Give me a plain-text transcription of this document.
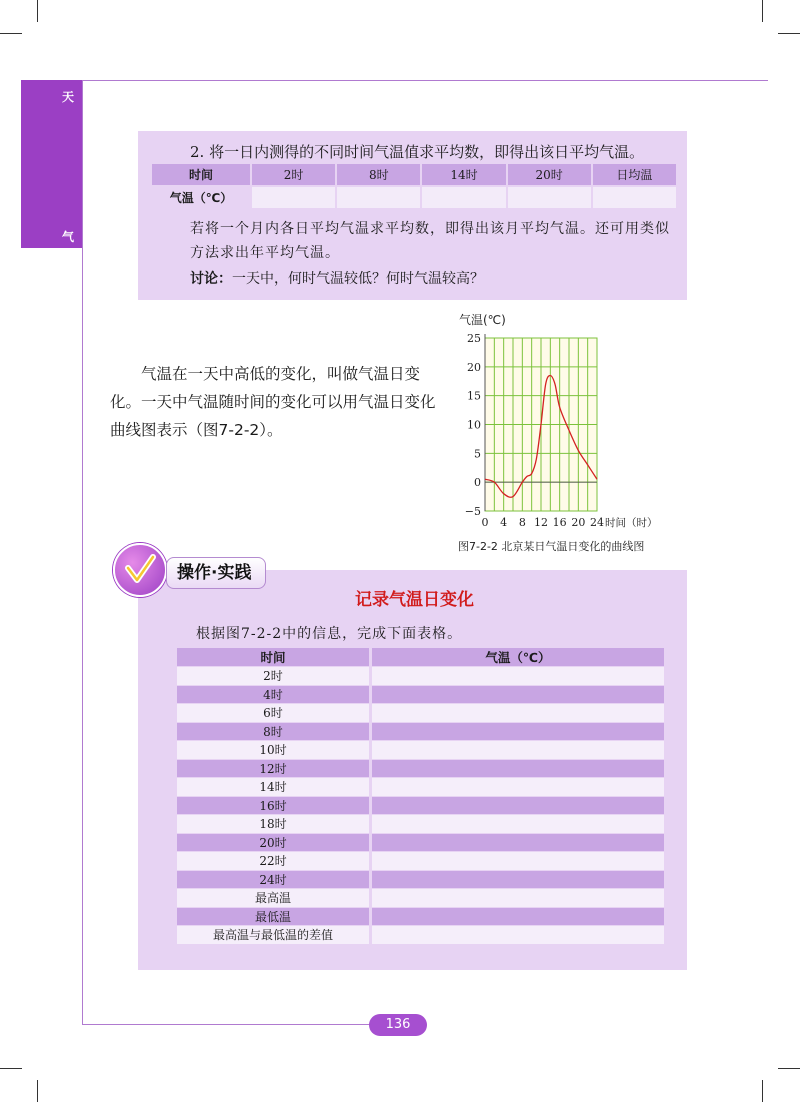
天
气
2. 将一日内测得的不同时间气温值求平均数，即得出该日平均气温。
时间	2时	8时	14时	20时	日均温
气温（℃）					
若将一个月内各日平均气温求平均数，即得出该月平均气温。还可用类似方法求出年平均气温。
讨论：一天中，何时气温较低？何时气温较高？
气温在一天中高低的变化，叫做气温日变化。一天中气温随时间的变化可以用气温日变化曲线图表示（图7-2-2）。
−5
0
5
10
15
20
25
0 4 8 12 16 20 24
气温(℃)
时间（时）
图7-2-2 北京某日气温日变化的曲线图
操作·实践
记录气温日变化
根据图7-2-2中的信息，完成下面表格。
时间	气温（℃）
2时	
4时	
6时	
8时	
10时	
12时	
14时	
16时	
18时	
20时	
22时	
24时	
最高温	
最低温	
最高温与最低温的差值	
136
